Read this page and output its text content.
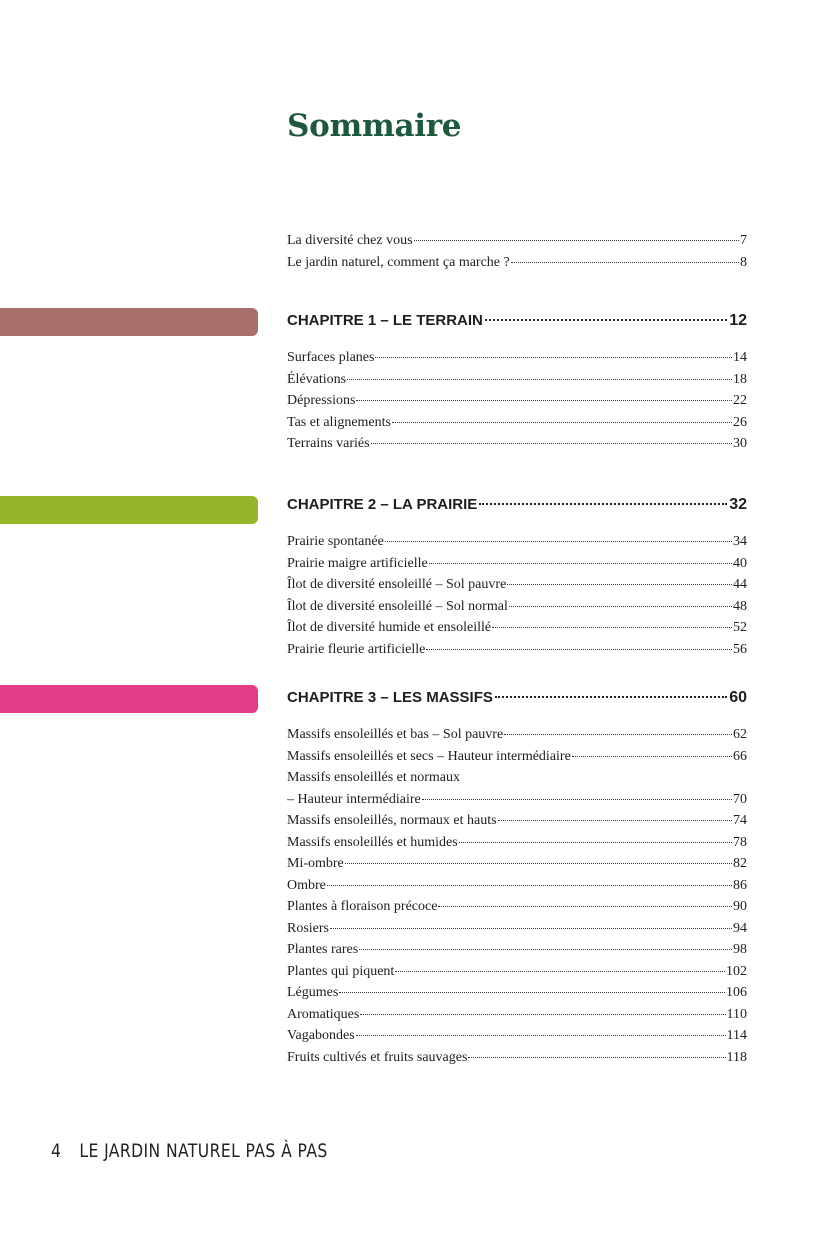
Sommaire
La diversité chez vous	7
Le jardin naturel, comment ça marche ?	8
CHAPITRE 1 – LE TERRAIN	12
Surfaces planes	14
Élévations	18
Dépressions	22
Tas et alignements	26
Terrains variés	30
CHAPITRE 2 – LA PRAIRIE	32
Prairie spontanée	34
Prairie maigre artificielle	40
Îlot de diversité ensoleillé – Sol pauvre	44
Îlot de diversité ensoleillé – Sol normal	48
Îlot de diversité humide et ensoleillé	52
Prairie fleurie artificielle	56
CHAPITRE 3 – LES MASSIFS	60
Massifs ensoleillés et bas – Sol pauvre	62
Massifs ensoleillés et secs – Hauteur intermédiaire	66
Massifs ensoleillés et normaux
– Hauteur intermédiaire	70
Massifs ensoleillés, normaux et hauts	74
Massifs ensoleillés et humides	78
Mi-ombre	82
Ombre	86
Plantes à floraison précoce	90
Rosiers	94
Plantes rares	98
Plantes qui piquent	102
Légumes	106
Aromatiques	110
Vagabondes	114
Fruits cultivés et fruits sauvages	118
4 LE JARDIN NATUREL PAS À PAS
